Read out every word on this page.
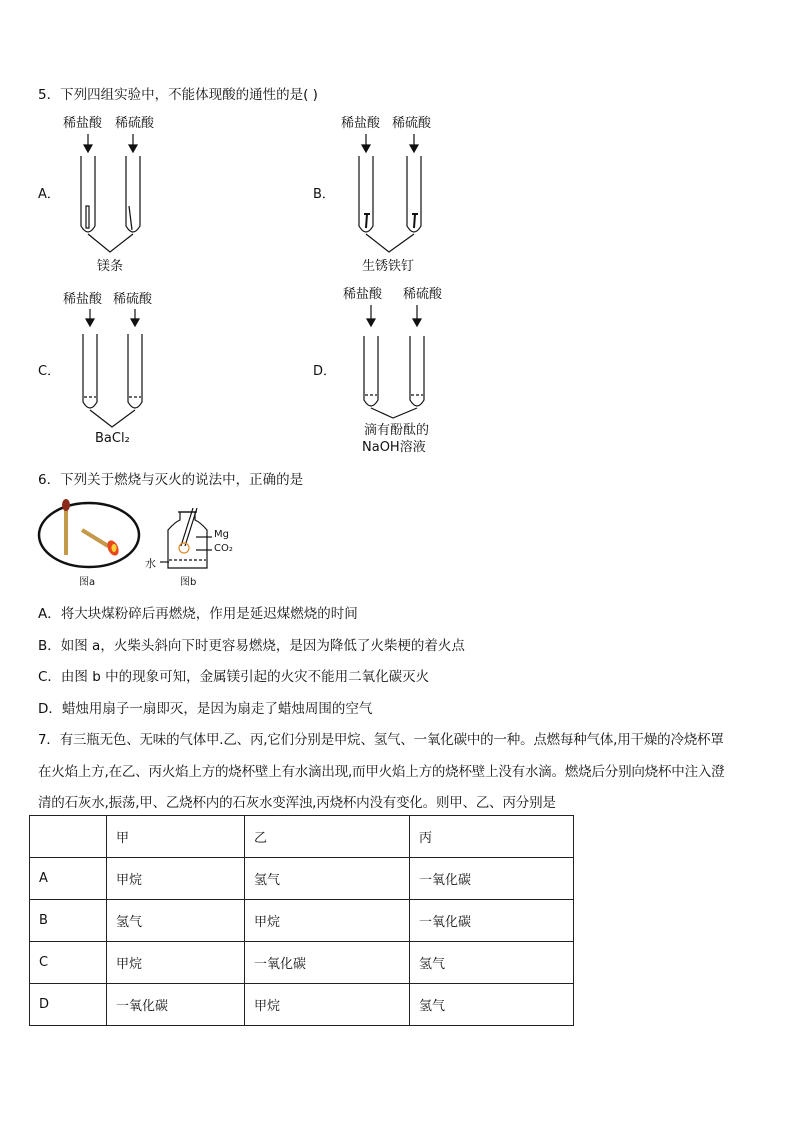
5．下列四组实验中，不能体现酸的通性的是( )
A．
稀盐酸 稀硫酸
镁条
B．
稀盐酸 稀硫酸
生锈铁钉
C．
稀盐酸 稀硫酸
BaCl₂
D．
稀盐酸 稀硫酸
滴有酚酞的
NaOH溶液
6．下列关于燃烧与灭火的说法中，正确的是
图a
Mg
CO₂
水
图b
A．将大块煤粉碎后再燃烧，作用是延迟煤燃烧的时间
B．如图 a，火柴头斜向下时更容易燃烧，是因为降低了火柴梗的着火点
C．由图 b 中的现象可知，金属镁引起的火灾不能用二氧化碳灭火
D．蜡烛用扇子一扇即灭，是因为扇走了蜡烛周围的空气
7．有三瓶无色、无味的气体甲.乙、丙,它们分别是甲烷、氢气、一氧化碳中的一种。点燃每种气体,用干燥的冷烧杯罩
在火焰上方,在乙、丙火焰上方的烧杯壁上有水滴出现,而甲火焰上方的烧杯壁上没有水滴。燃烧后分别向烧杯中注入澄
清的石灰水,振荡,甲、乙烧杯内的石灰水变浑浊,丙烧杯内没有变化。则甲、乙、丙分别是
	甲	乙	丙
A	甲烷	氢气	一氧化碳
B	氢气	甲烷	一氧化碳
C	甲烷	一氧化碳	氢气
D	一氧化碳	甲烷	氢气
